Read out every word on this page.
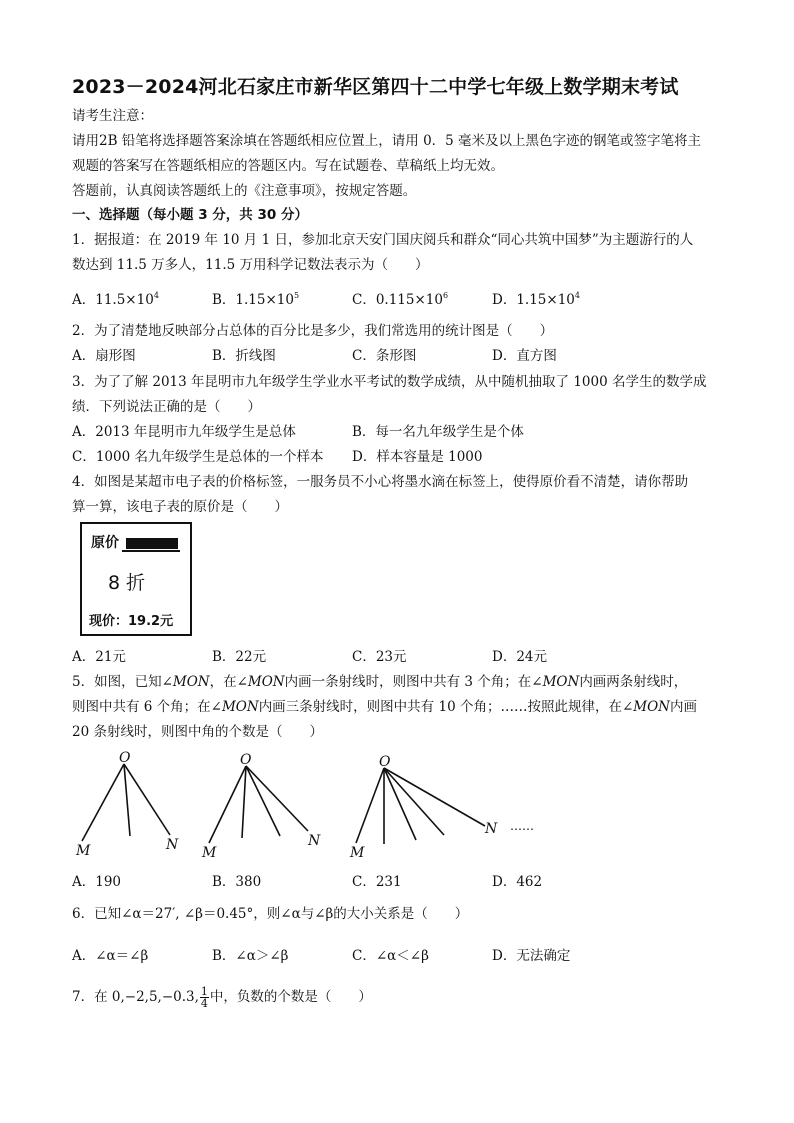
2023－2024河北石家庄市新华区第四十二中学七年级上数学期末考试
请考生注意：
请用2B 铅笔将选择题答案涂填在答题纸相应位置上，请用 0．5 毫米及以上黑色字迹的钢笔或签字笔将主
观题的答案写在答题纸相应的答题区内。写在试题卷、草稿纸上均无效。
答题前，认真阅读答题纸上的《注意事项》，按规定答题。
一、选择题（每小题 3 分，共 30 分）
1．据报道：在 2019 年 10 月 1 日，参加北京天安门国庆阅兵和群众“同心共筑中国梦”为主题游行的人
数达到 11.5 万多人，11.5 万用科学记数法表示为（　　）
A．$11.5\times 10^4$	B．$1.15\times 10^5$	C．$0.115\times 10^6$	D．$1.15\times 10^4$
2．为了清楚地反映部分占总体的百分比是多少，我们常选用的统计图是（　　）
A．扇形图	B．折线图	C．条形图	D．直方图
3．为了了解 2013 年昆明市九年级学生学业水平考试的数学成绩，从中随机抽取了 1000 名学生的数学成
绩．下列说法正确的是（　　）
A．2013 年昆明市九年级学生是总体	B．每一名九年级学生是个体
C．1000 名九年级学生是总体的一个样本 D．样本容量是 1000
4．如图是某超市电子表的价格标签，一服务员不小心将墨水滴在标签上，使得原价看不清楚，请你帮助
算一算，该电子表的原价是（　　）
原价
8 折
现价：19.2元
A．21元	B．22元	C．23元	D．24元
5．如图，已知∠MON，在∠MON内画一条射线时，则图中共有 3 个角；在∠MON内画两条射线时，
则图中共有 6 个角；在∠MON内画三条射线时，则图中共有 10 个角；……按照此规律，在∠MON内画
20 条射线时，则图中角的个数是（　　）
O
M	N
O
M
N
O
M
N ……
A．190	B．380	C．231	D．462
6．已知∠α＝27′, ∠β＝0.45°，则∠α与∠β的大小关系是（　　）
A．∠α＝∠β	B．∠α＞∠β	C．∠α＜∠β	D．无法确定
7．在 0,−2,5,−0.3, $\frac{1}{4}$ 中，负数的个数是（　　）
